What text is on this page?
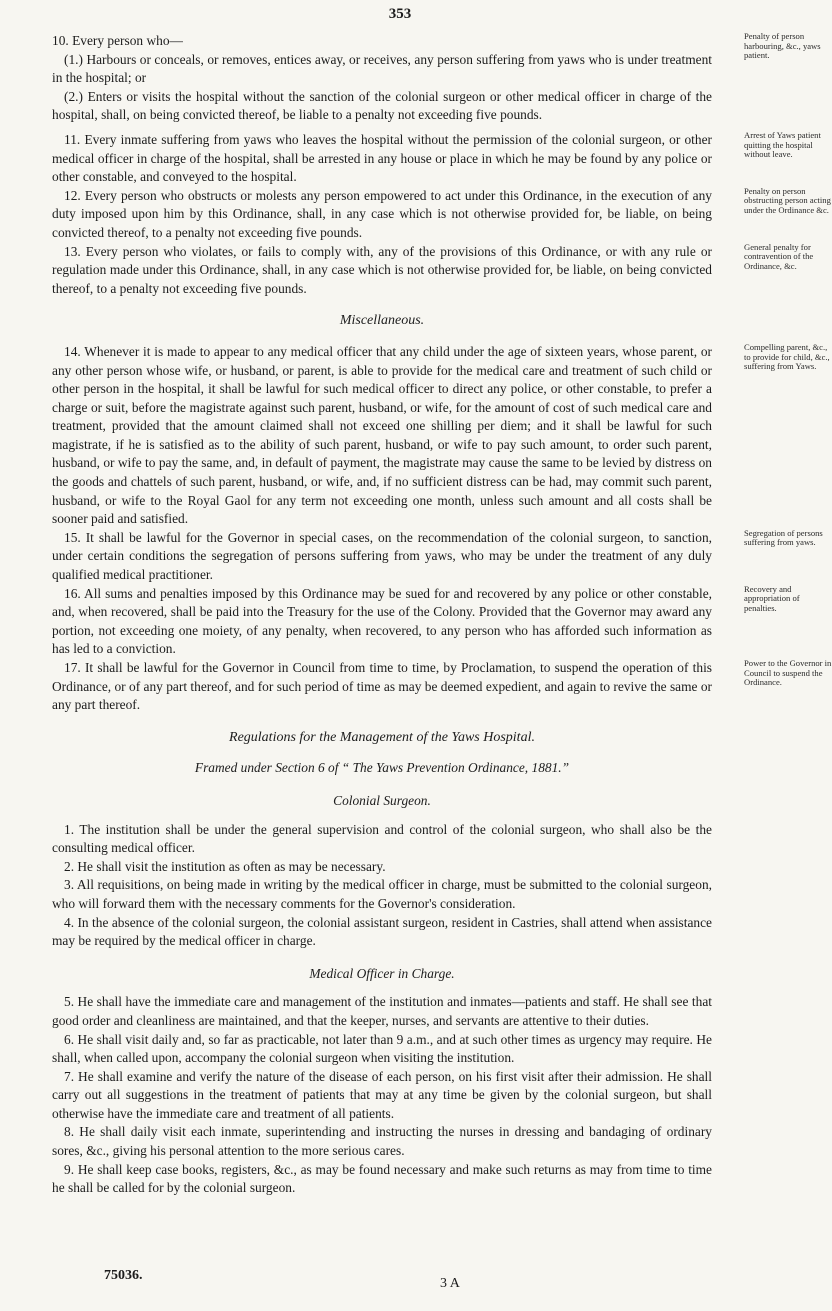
353

10. Every person who—

(1.) Harbours or conceals, or removes, entices away, or receives, any person suffering from yaws who is under treatment in the hospital; or

(2.) Enters or visits the hospital without the sanction of the colonial surgeon or other medical officer in charge of the hospital, shall, on being convicted thereof, be liable to a penalty not exceeding five pounds.

Penalty of person harbouring, &c., yaws patient.

11. Every inmate suffering from yaws who leaves the hospital without the permission of the colonial surgeon, or other medical officer in charge of the hospital, shall be arrested in any house or place in which he may be found by any police or other constable, and conveyed to the hospital.

Arrest of Yaws patient quitting the hospital without leave.

12. Every person who obstructs or molests any person empowered to act under this Ordinance, in the execution of any duty imposed upon him by this Ordinance, shall, in any case which is not otherwise provided for, be liable, on being convicted thereof, to a penalty not exceeding five pounds.

Penalty on person obstructing person acting under the Ordinance &c.

13. Every person who violates, or fails to comply with, any of the provisions of this Ordinance, or with any rule or regulation made under this Ordinance, shall, in any case which is not otherwise provided for, be liable, on being convicted thereof, to a penalty not exceeding five pounds.

General penalty for contravention of the Ordinance, &c.
Miscellaneous.

14. Whenever it is made to appear to any medical officer that any child under the age of sixteen years, whose parent, or any other person whose wife, or husband, or parent, is able to provide for the medical care and treatment of such child or other person in the hospital, it shall be lawful for such medical officer to direct any police, or other constable, to prefer a charge or suit, before the magistrate against such parent, husband, or wife, for the amount of cost of such medical care and treatment, provided that the amount claimed shall not exceed one shilling per diem; and it shall be lawful for such magistrate, if he is satisfied as to the ability of such parent, husband, or wife to pay such amount, to order such parent, husband, or wife to pay the same, and, in default of payment, the magistrate may cause the same to be levied by distress on the goods and chattels of such parent, husband, or wife, and, if no sufficient distress can be had, may commit such parent, husband, or wife to the Royal Gaol for any term not exceeding one month, unless such amount and all costs shall be sooner paid and satisfied.

Compelling parent, &c., to provide for child, &c., suffering from Yaws.

15. It shall be lawful for the Governor in special cases, on the recommendation of the colonial surgeon, to sanction, under certain conditions the segregation of persons suffering from yaws, who may be under the treatment of any duly qualified medical practitioner.

Segregation of persons suffering from yaws.

16. All sums and penalties imposed by this Ordinance may be sued for and recovered by any police or other constable, and, when recovered, shall be paid into the Treasury for the use of the Colony. Provided that the Governor may award any portion, not exceeding one moiety, of any penalty, when recovered, to any person who has afforded such information as has led to a conviction.

Recovery and appropriation of penalties.

17. It shall be lawful for the Governor in Council from time to time, by Proclamation, to suspend the operation of this Ordinance, or of any part thereof, and for such period of time as may be deemed expedient, and again to revive the same or any part thereof.

Power to the Governor in Council to suspend the Ordinance.
Regulations for the Management of the Yaws Hospital.
Framed under Section 6 of “ The Yaws Prevention Ordinance, 1881.”
Colonial Surgeon.

1. The institution shall be under the general supervision and control of the colonial surgeon, who shall also be the consulting medical officer.

2. He shall visit the institution as often as may be necessary.

3. All requisitions, on being made in writing by the medical officer in charge, must be submitted to the colonial surgeon, who will forward them with the necessary comments for the Governor's consideration.

4. In the absence of the colonial surgeon, the colonial assistant surgeon, resident in Castries, shall attend when assistance may be required by the medical officer in charge.

Medical Officer in Charge.

5. He shall have the immediate care and management of the institution and inmates—patients and staff. He shall see that good order and cleanliness are maintained, and that the keeper, nurses, and servants are attentive to their duties.

6. He shall visit daily and, so far as practicable, not later than 9 a.m., and at such other times as urgency may require. He shall, when called upon, accompany the colonial surgeon when visiting the institution.

7. He shall examine and verify the nature of the disease of each person, on his first visit after their admission. He shall carry out all suggestions in the treatment of patients that may at any time be given by the colonial surgeon, but shall otherwise have the immediate care and treatment of all patients.

8. He shall daily visit each inmate, superintending and instructing the nurses in dressing and bandaging of ordinary sores, &c., giving his personal attention to the more serious cares.

9. He shall keep case books, registers, &c., as may be found necessary and make such returns as may from time to time he shall be called for by the colonial surgeon.

75036.
3 A
